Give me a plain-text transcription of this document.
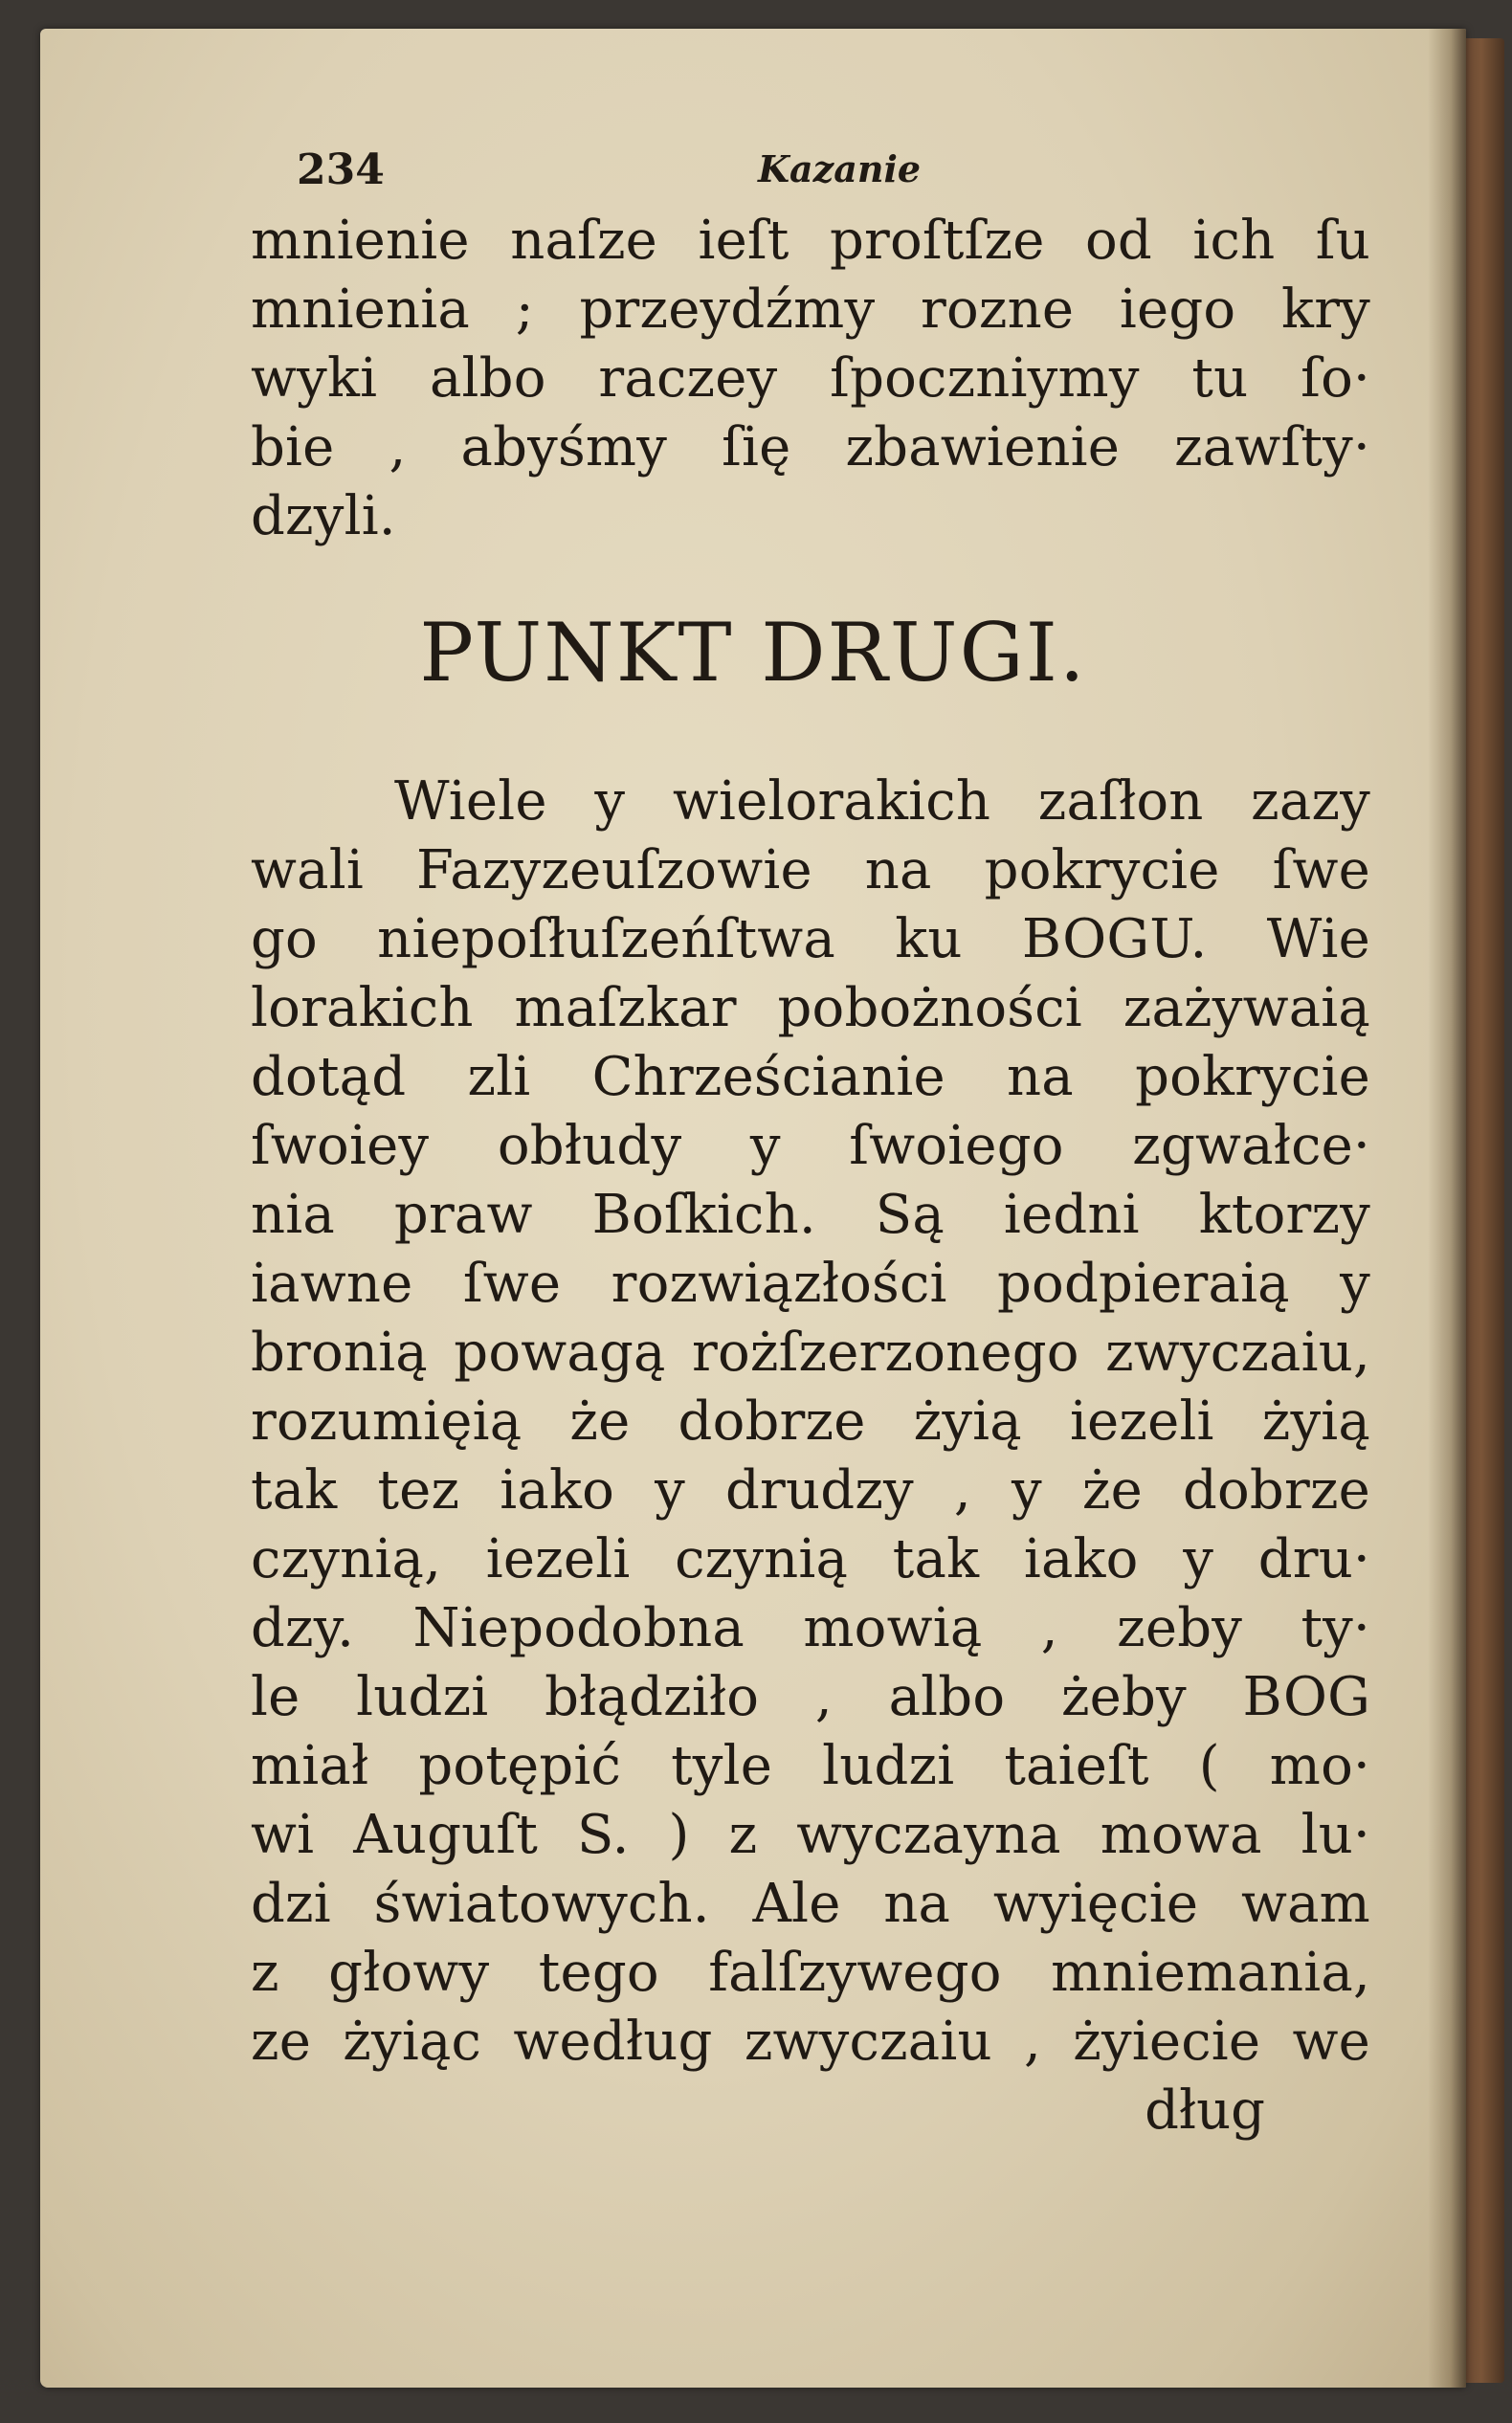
234	Kazanie
mnienie naſze ieſt proſtſze od ich ſu
mnienia ; przeydźmy rozne iego kry
wyki albo raczey ſpoczniymy tu ſo·
bie , abyśmy ſię zbawienie zawſty·
dzyli.
PUNKT DRUGI.
Wiele y wielorakich zaſłon zazy
wali Fazyzeuſzowie na pokrycie ſwe
go niepoſłuſzeńſtwa ku BOGU. Wie
lorakich maſzkar pobożności zażywaią
dotąd zli Chrześcianie na pokrycie
ſwoiey obłudy y ſwoiego zgwałce·
nia praw Boſkich. Są iedni ktorzy
iawne ſwe rozwiązłości podpieraią y
bronią powagą rożſzerzonego zwyczaiu,
rozumięią że dobrze żyią iezeli żyią
tak tez iako y drudzy , y że dobrze
czynią, iezeli czynią tak iako y dru·
dzy. Niepodobna mowią , zeby ty·
le ludzi błądziło , albo żeby BOG
miał potępić tyle ludzi taieſt ( mo·
wi Auguſt S. ) z wyczayna mowa lu·
dzi światowych. Ale na wyięcie wam
z głowy tego falſzywego mniemania,
ze żyiąc według zwyczaiu , żyiecie we
dług
